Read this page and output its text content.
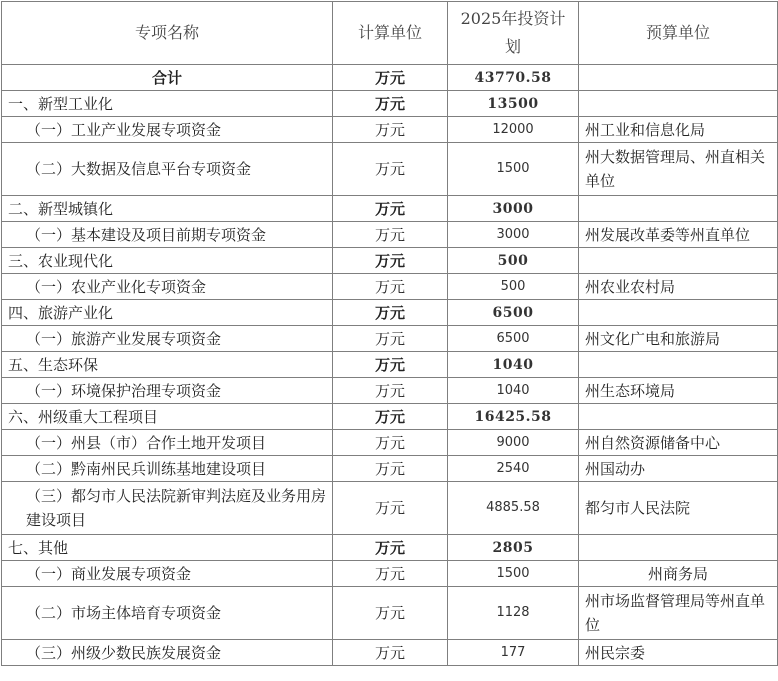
专项名称	计算单位	2025年投资计划	预算单位
合计	万元	43770.58	
一、新型工业化	万元	13500	
（一）工业产业发展专项资金	万元	12000	州工业和信息化局
（二）大数据及信息平台专项资金	万元	1500	州大数据管理局、州直相关单位
二、新型城镇化	万元	3000	
（一）基本建设及项目前期专项资金	万元	3000	州发展改革委等州直单位
三、农业现代化	万元	500	
（一）农业产业化专项资金	万元	500	州农业农村局
四、旅游产业化	万元	6500	
（一）旅游产业发展专项资金	万元	6500	州文化广电和旅游局
五、生态环保	万元	1040	
（一）环境保护治理专项资金	万元	1040	州生态环境局
六、州级重大工程项目	万元	16425.58	
（一）州县（市）合作土地开发项目	万元	9000	州自然资源储备中心
（二）黔南州民兵训练基地建设项目	万元	2540	州国动办
（三）都匀市人民法院新审判法庭及业务用房建设项目	万元	4885.58	都匀市人民法院
七、其他	万元	2805	
（一）商业发展专项资金	万元	1500	州商务局
（二）市场主体培育专项资金	万元	1128	州市场监督管理局等州直单位
（三）州级少数民族发展资金	万元	177	州民宗委
